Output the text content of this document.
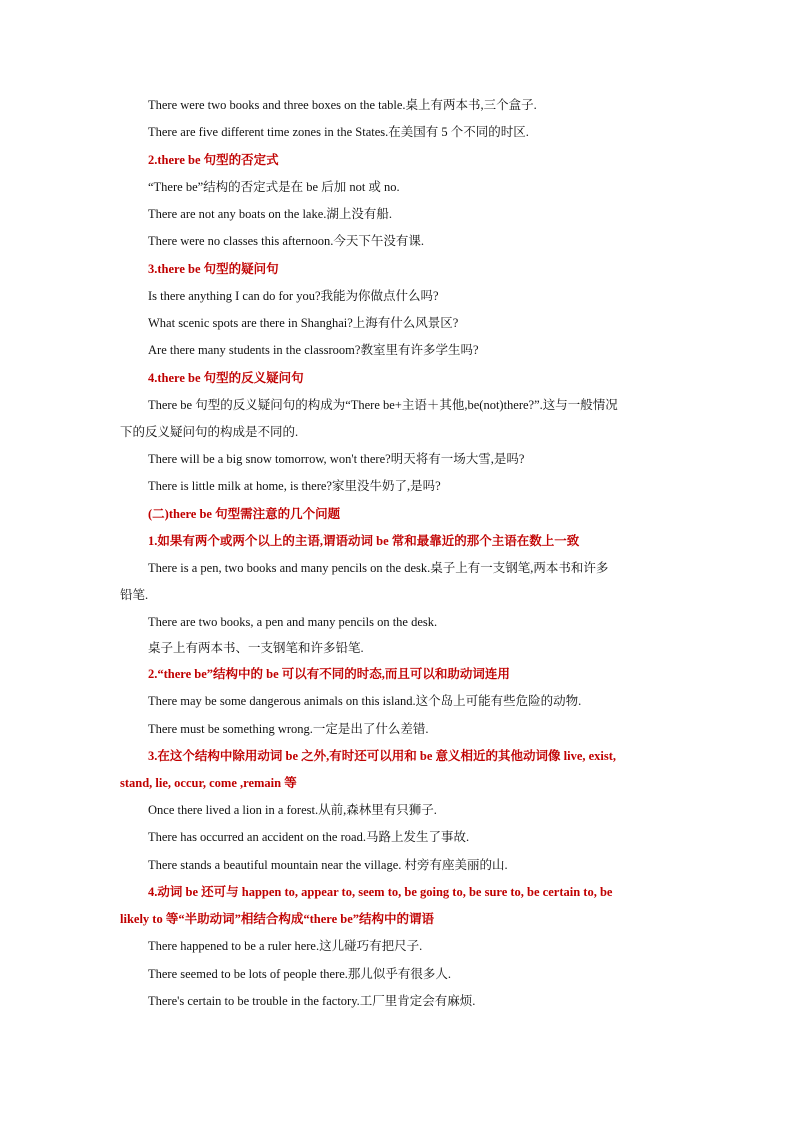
There were two books and three boxes on the table.桌上有两本书,三个盒子.
There are five different time zones in the States.在美国有 5 个不同的时区.
2.there be 句型的否定式
“There be”结构的否定式是在 be 后加 not 或 no.
There are not any boats on the lake.湖上没有船.
There were no classes this afternoon.今天下午没有课.
3.there be 句型的疑问句
Is there anything I can do for you?我能为你做点什么吗?
What scenic spots are there in Shanghai?上海有什么风景区?
Are there many students in the classroom?教室里有许多学生吗?
4.there be 句型的反义疑问句
There be 句型的反义疑问句的构成为“There be+主语＋其他,be(not)there?”.这与一般情况
下的反义疑问句的构成是不同的.
There will be a big snow tomorrow, won't there?明天将有一场大雪,是吗?
There is little milk at home, is there?家里没牛奶了,是吗?
(二)there be 句型需注意的几个问题
1.如果有两个或两个以上的主语,谓语动词 be 常和最靠近的那个主语在数上一致
There is a pen, two books and many pencils on the desk.桌子上有一支钢笔,两本书和许多
铅笔.
There are two books, a pen and many pencils on the desk.
桌子上有两本书、一支钢笔和许多铅笔.
2.“there be”结构中的 be 可以有不同的时态,而且可以和助动词连用
There may be some dangerous animals on this island.这个岛上可能有些危险的动物.
There must be something wrong.一定是出了什么差错.
3.在这个结构中除用动词 be 之外,有时还可以用和 be 意义相近的其他动词像 live, exist,
stand, lie, occur, come ,remain 等
Once there lived a lion in a forest.从前,森林里有只狮子.
There has occurred an accident on the road.马路上发生了事故.
There stands a beautiful mountain near the village. 村旁有座美丽的山.
4.动词 be 还可与 happen to, appear to, seem to, be going to, be sure to, be certain to, be
likely to 等“半助动词”相结合构成“there be”结构中的谓语
There happened to be a ruler here.这儿碰巧有把尺子.
There seemed to be lots of people there.那儿似乎有很多人.
There's certain to be trouble in the factory.工厂里肯定会有麻烦.
